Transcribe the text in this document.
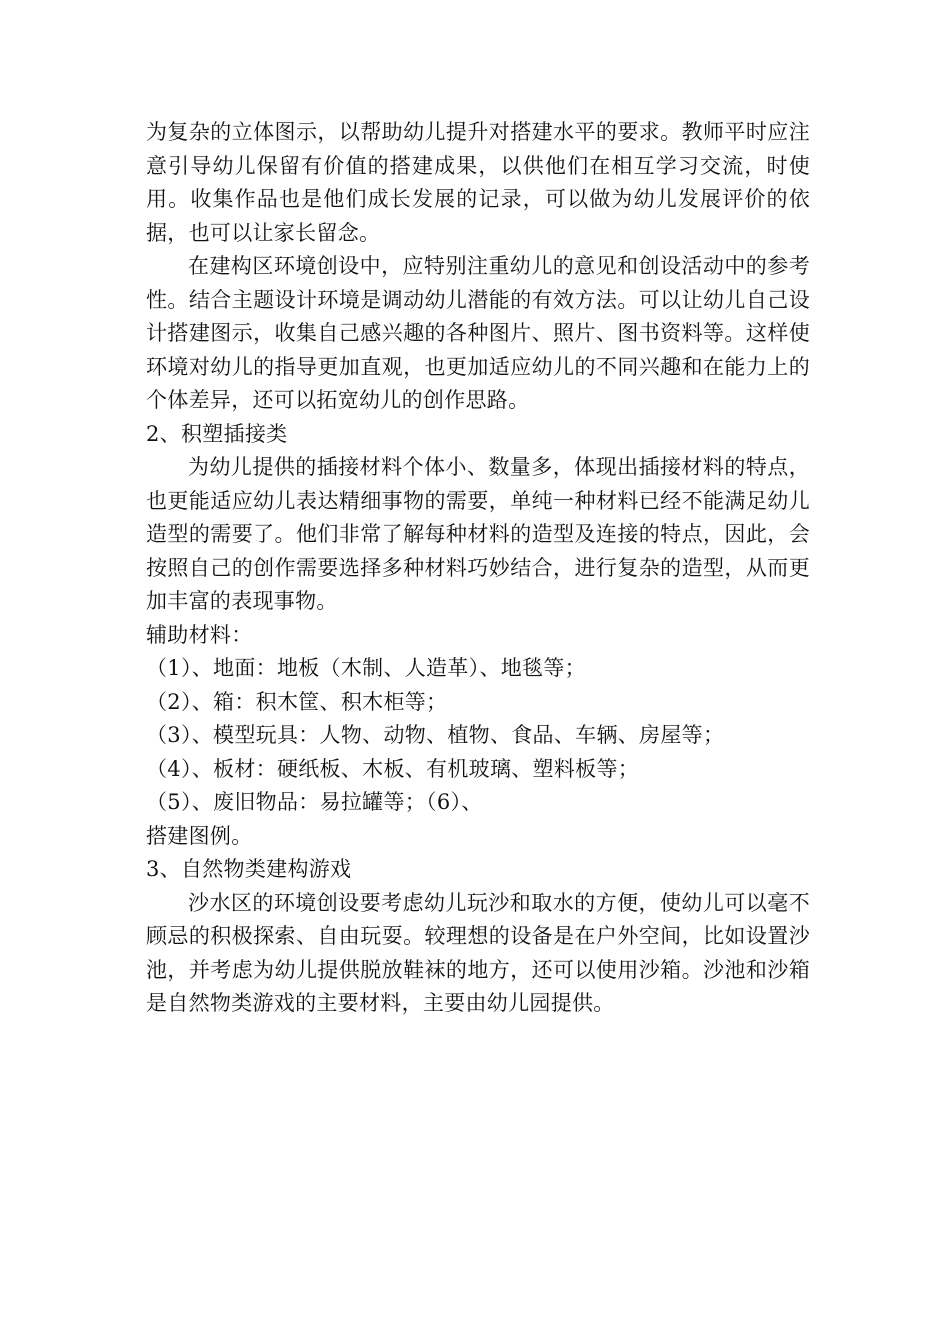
为复杂的立体图示，以帮助幼儿提升对搭建水平的要求。教师平时应注意引导幼儿保留有价值的搭建成果，以供他们在相互学习交流，时使用。收集作品也是他们成长发展的记录，可以做为幼儿发展评价的依据，也可以让家长留念。

在建构区环境创设中，应特别注重幼儿的意见和创设活动中的参考性。结合主题设计环境是调动幼儿潜能的有效方法。可以让幼儿自己设计搭建图示，收集自己感兴趣的各种图片、照片、图书资料等。这样使环境对幼儿的指导更加直观，也更加适应幼儿的不同兴趣和在能力上的个体差异，还可以拓宽幼儿的创作思路。

2、积塑插接类

为幼儿提供的插接材料个体小、数量多，体现出插接材料的特点，也更能适应幼儿表达精细事物的需要，单纯一种材料已经不能满足幼儿造型的需要了。他们非常了解每种材料的造型及连接的特点，因此，会按照自己的创作需要选择多种材料巧妙结合，进行复杂的造型，从而更加丰富的表现事物。

辅助材料：

（1）、地面：地板（木制、人造革）、地毯等；

（2）、箱：积木筐、积木柜等；

（3）、模型玩具：人物、动物、植物、食品、车辆、房屋等；

（4）、板材：硬纸板、木板、有机玻璃、塑料板等；

（5）、废旧物品：易拉罐等；（6）、

搭建图例。

3、自然物类建构游戏

沙水区的环境创设要考虑幼儿玩沙和取水的方便，使幼儿可以毫不顾忌的积极探索、自由玩耍。较理想的设备是在户外空间，比如设置沙池，并考虑为幼儿提供脱放鞋袜的地方，还可以使用沙箱。沙池和沙箱是自然物类游戏的主要材料，主要由幼儿园提供。
